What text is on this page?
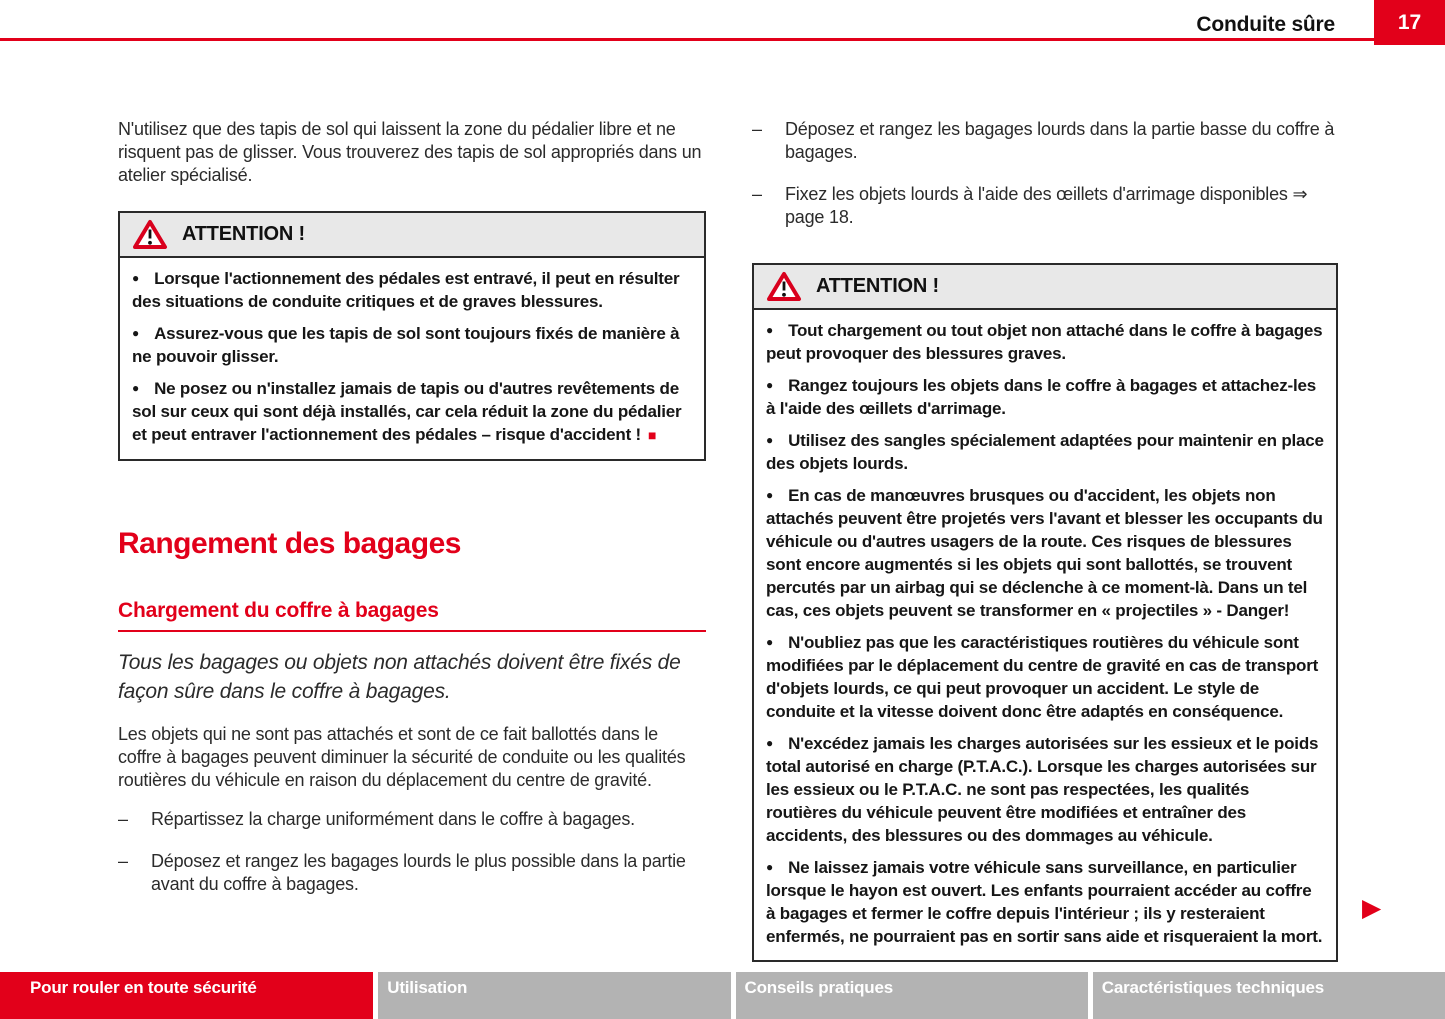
Conduite sûre	17

N'utilisez que des tapis de sol qui laissent la zone du pédalier libre et ne risquent pas de glisser. Vous trouverez des tapis de sol appropriés dans un atelier spécialisé.

ATTENTION !
● Lorsque l'actionnement des pédales est entravé, il peut en résulter des situations de conduite critiques et de graves blessures.
● Assurez-vous que les tapis de sol sont toujours fixés de manière à ne pouvoir glisser.
● Ne posez ou n'installez jamais de tapis ou d'autres revêtements de sol sur ceux qui sont déjà installés, car cela réduit la zone du pédalier et peut entraver l'actionnement des pédales – risque d'accident ! ■
Rangement des bagages
Chargement du coffre à bagages

Tous les bagages ou objets non attachés doivent être fixés de façon sûre dans le coffre à bagages.

Les objets qui ne sont pas attachés et sont de ce fait ballottés dans le coffre à bagages peuvent diminuer la sécurité de conduite ou les qualités routières du véhicule en raison du déplacement du centre de gravité.

–	Répartissez la charge uniformément dans le coffre à bagages.
–	Déposez et rangez les bagages lourds le plus possible dans la partie avant du coffre à bagages.
–	Déposez et rangez les bagages lourds dans la partie basse du coffre à bagages.
–	Fixez les objets lourds à l'aide des œillets d'arrimage disponibles ⇒ page 18.
ATTENTION !
● Tout chargement ou tout objet non attaché dans le coffre à bagages peut provoquer des blessures graves.
● Rangez toujours les objets dans le coffre à bagages et attachez-les à l'aide des œillets d'arrimage.
● Utilisez des sangles spécialement adaptées pour maintenir en place des objets lourds.
● En cas de manœuvres brusques ou d'accident, les objets non attachés peuvent être projetés vers l'avant et blesser les occupants du véhicule ou d'autres usagers de la route. Ces risques de blessures sont encore augmentés si les objets qui sont ballottés, se trouvent percutés par un airbag qui se déclenche à ce moment-là. Dans un tel cas, ces objets peuvent se transformer en « projectiles » - Danger!
● N'oubliez pas que les caractéristiques routières du véhicule sont modifiées par le déplacement du centre de gravité en cas de transport d'objets lourds, ce qui peut provoquer un accident. Le style de conduite et la vitesse doivent donc être adaptés en conséquence.
● N'excédez jamais les charges autorisées sur les essieux et le poids total autorisé en charge (P.T.A.C.). Lorsque les charges autorisées sur les essieux ou le P.T.A.C. ne sont pas respectées, les qualités routières du véhicule peuvent être modifiées et entraîner des accidents, des blessures ou des dommages au véhicule.
● Ne laissez jamais votre véhicule sans surveillance, en particulier lorsque le hayon est ouvert. Les enfants pourraient accéder au coffre à bagages et fermer le coffre depuis l'intérieur ; ils y resteraient enfermés, ne pourraient pas en sortir sans aide et risqueraient la mort.
▶
Pour rouler en toute sécurité	Utilisation	Conseils pratiques	Caractéristiques techniques
